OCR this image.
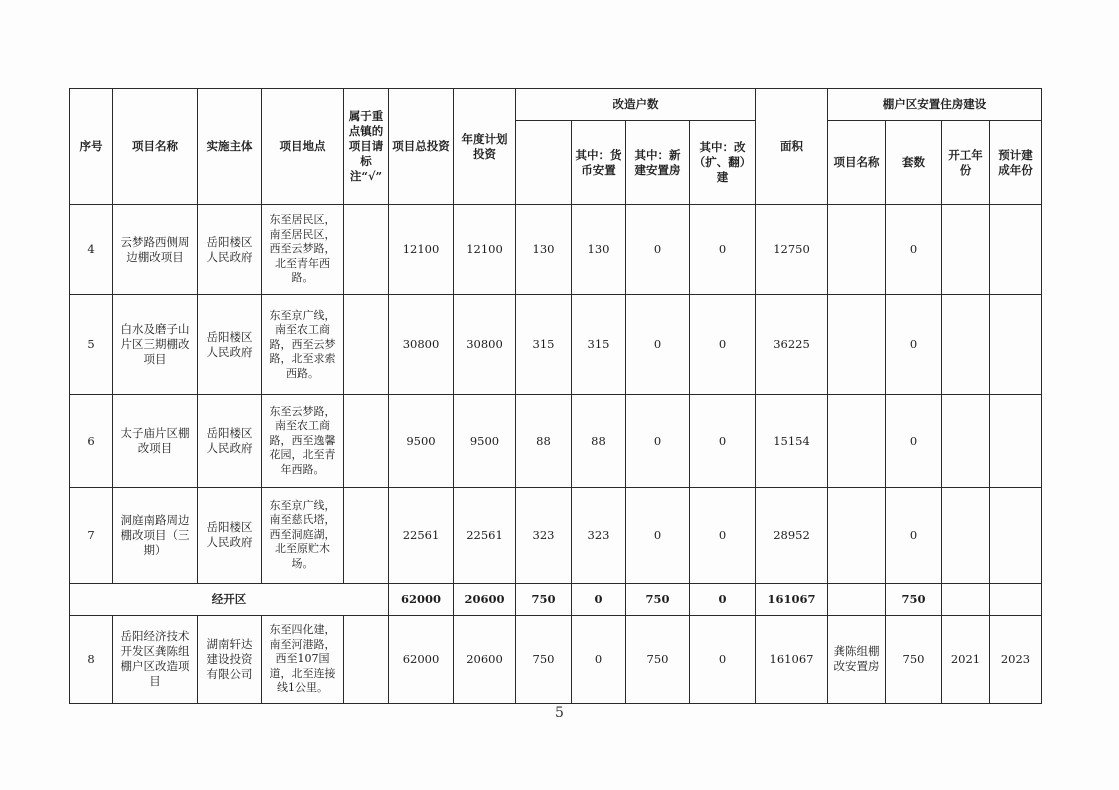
序号	项目名称	实施主体	项目地点	属于重点镇的项目请标注“√”	项目总投资	年度计划投资	改造户数				面积	棚户区安置住房建设			
								其中：货币安置	其中：新建安置房	其中：改（扩、翻）建		项目名称	套数	开工年份	预计建成年份
4	云梦路西侧周边棚改项目	岳阳楼区人民政府	东至居民区，南至居民区，西至云梦路，北至青年西路。		12100	12100	130	130	0	0	12750		0		
5	白水及磨子山片区三期棚改项目	岳阳楼区人民政府	东至京广线，南至农工商路，西至云梦路，北至求索西路。		30800	30800	315	315	0	0	36225		0		
6	太子庙片区棚改项目	岳阳楼区人民政府	东至云梦路，南至农工商路，西至逸馨花园，北至青年西路。		9500	9500	88	88	0	0	15154		0		
7	洞庭南路周边棚改项目（三期）	岳阳楼区人民政府	东至京广线，南至慈氏塔，西至洞庭湖，北至原贮木场。		22561	22561	323	323	0	0	28952		0		
经开区					62000	20600	750	0	750	0	161067		750		
8	岳阳经济技术开发区龚陈组棚户区改造项目	湖南轩达建设投资有限公司	东至四化建，南至河港路，西至107国道，北至连接线1公里。		62000	20600	750	0	750	0	161067	龚陈组棚改安置房	750	2021	2023
5
